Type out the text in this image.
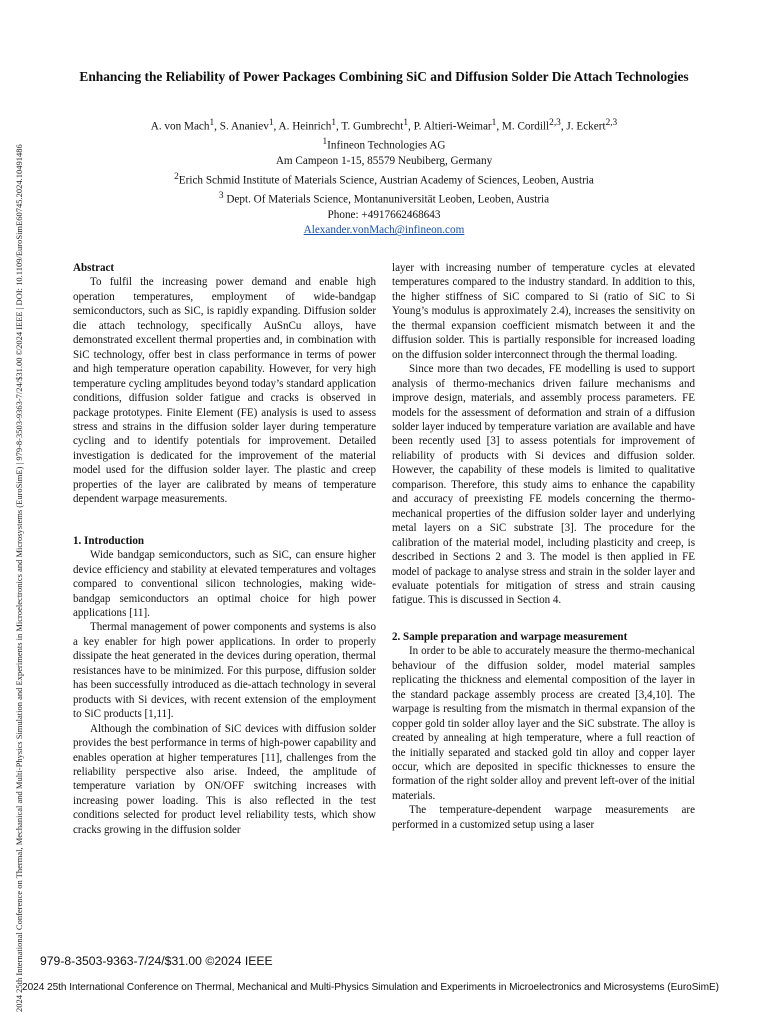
2024 25th International Conference on Thermal, Mechanical and Multi-Physics Simulation and Experiments in Microelectronics and Microsystems (EuroSimE) | 979-8-3503-9363-7/24/$31.00 ©2024 IEEE | DOI: 10.1109/EuroSimE60745.2024.10491486
Enhancing the Reliability of Power Packages Combining SiC and Diffusion Solder Die Attach Technologies
A. von Mach$^1$, S. Ananiev$^1$, A. Heinrich$^1$, T. Gumbrecht$^1$, P. Altieri-Weimar$^1$, M. Cordill$^{2,3}$, J. Eckert$^{2,3}$
$^1$Infineon Technologies AG
Am Campeon 1-15, 85579 Neubiberg, Germany
$^2$Erich Schmid Institute of Materials Science, Austrian Academy of Sciences, Leoben, Austria
$^3$ Dept. Of Materials Science, Montanuniversität Leoben, Leoben, Austria
Phone: +4917662468643
Alexander.vonMach@infineon.com
Abstract

To fulfil the increasing power demand and enable high operation temperatures, employment of wide-bandgap semiconductors, such as SiC, is rapidly expanding. Diffusion solder die attach technology, specifically AuSnCu alloys, have demonstrated excellent thermal properties and, in combination with SiC technology, offer best in class performance in terms of power and high temperature operation capability. However, for very high temperature cycling amplitudes beyond today’s standard application conditions, diffusion solder fatigue and cracks is observed in package prototypes. Finite Element (FE) analysis is used to assess stress and strains in the diffusion solder layer during temperature cycling and to identify potentials for improvement. Detailed investigation is dedicated for the improvement of the material model used for the diffusion solder layer. The plastic and creep properties of the layer are calibrated by means of temperature dependent warpage measurements.

1. Introduction

Wide bandgap semiconductors, such as SiC, can ensure higher device efficiency and stability at elevated temperatures and voltages compared to conventional silicon technologies, making wide-bandgap semiconductors an optimal choice for high power applications [11].

Thermal management of power components and systems is also a key enabler for high power applications. In order to properly dissipate the heat generated in the devices during operation, thermal resistances have to be minimized. For this purpose, diffusion solder has been successfully introduced as die-attach technology in several products with Si devices, with recent extension of the employment to SiC products [1,11].

Although the combination of SiC devices with diffusion solder provides the best performance in terms of high-power capability and enables operation at higher temperatures [11], challenges from the reliability perspective also arise. Indeed, the amplitude of temperature variation by ON/OFF switching increases with increasing power loading. This is also reflected in the test conditions selected for product level reliability tests, which show cracks growing in the diffusion solder

layer with increasing number of temperature cycles at elevated temperatures compared to the industry standard. In addition to this, the higher stiffness of SiC compared to Si (ratio of SiC to Si Young’s modulus is approximately 2.4), increases the sensitivity on the thermal expansion coefficient mismatch between it and the diffusion solder. This is partially responsible for increased loading on the diffusion solder interconnect through the thermal loading.

Since more than two decades, FE modelling is used to support analysis of thermo-mechanics driven failure mechanisms and improve design, materials, and assembly process parameters. FE models for the assessment of deformation and strain of a diffusion solder layer induced by temperature variation are available and have been recently used [3] to assess potentials for improvement of reliability of products with Si devices and diffusion solder. However, the capability of these models is limited to qualitative comparison. Therefore, this study aims to enhance the capability and accuracy of preexisting FE models concerning the thermo-mechanical properties of the diffusion solder layer and underlying metal layers on a SiC substrate [3]. The procedure for the calibration of the material model, including plasticity and creep, is described in Sections 2 and 3. The model is then applied in FE model of package to analyse stress and strain in the solder layer and evaluate potentials for mitigation of stress and strain causing fatigue. This is discussed in Section 4.

2. Sample preparation and warpage measurement

In order to be able to accurately measure the thermo-mechanical behaviour of the diffusion solder, model material samples replicating the thickness and elemental composition of the layer in the standard package assembly process are created [3,4,10]. The warpage is resulting from the mismatch in thermal expansion of the copper gold tin solder alloy layer and the SiC substrate. The alloy is created by annealing at high temperature, where a full reaction of the initially separated and stacked gold tin alloy and copper layer occur, which are deposited in specific thicknesses to ensure the formation of the right solder alloy and prevent left-over of the initial materials.

The temperature-dependent warpage measurements are performed in a customized setup using a laser

979-8-3503-9363-7/24/$31.00 ©2024 IEEE
2024 25th International Conference on Thermal, Mechanical and Multi-Physics Simulation and Experiments in Microelectronics and Microsystems (EuroSimE)
